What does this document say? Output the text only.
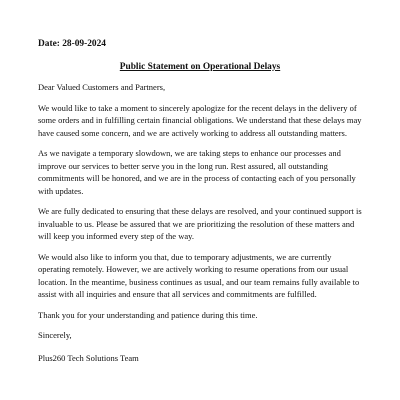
Date: 28-09-2024
Public Statement on Operational Delays
Dear Valued Customers and Partners,
We would like to take a moment to sincerely apologize for the recent delays in the delivery of some orders and in fulfilling certain financial obligations. We understand that these delays may have caused some concern, and we are actively working to address all outstanding matters.
As we navigate a temporary slowdown, we are taking steps to enhance our processes and improve our services to better serve you in the long run. Rest assured, all outstanding commitments will be honored, and we are in the process of contacting each of you personally with updates.
We are fully dedicated to ensuring that these delays are resolved, and your continued support is invaluable to us. Please be assured that we are prioritizing the resolution of these matters and will keep you informed every step of the way.
We would also like to inform you that, due to temporary adjustments, we are currently operating remotely. However, we are actively working to resume operations from our usual location. In the meantime, business continues as usual, and our team remains fully available to assist with all inquiries and ensure that all services and commitments are fulfilled.
Thank you for your understanding and patience during this time.
Sincerely,
Plus260 Tech Solutions Team
